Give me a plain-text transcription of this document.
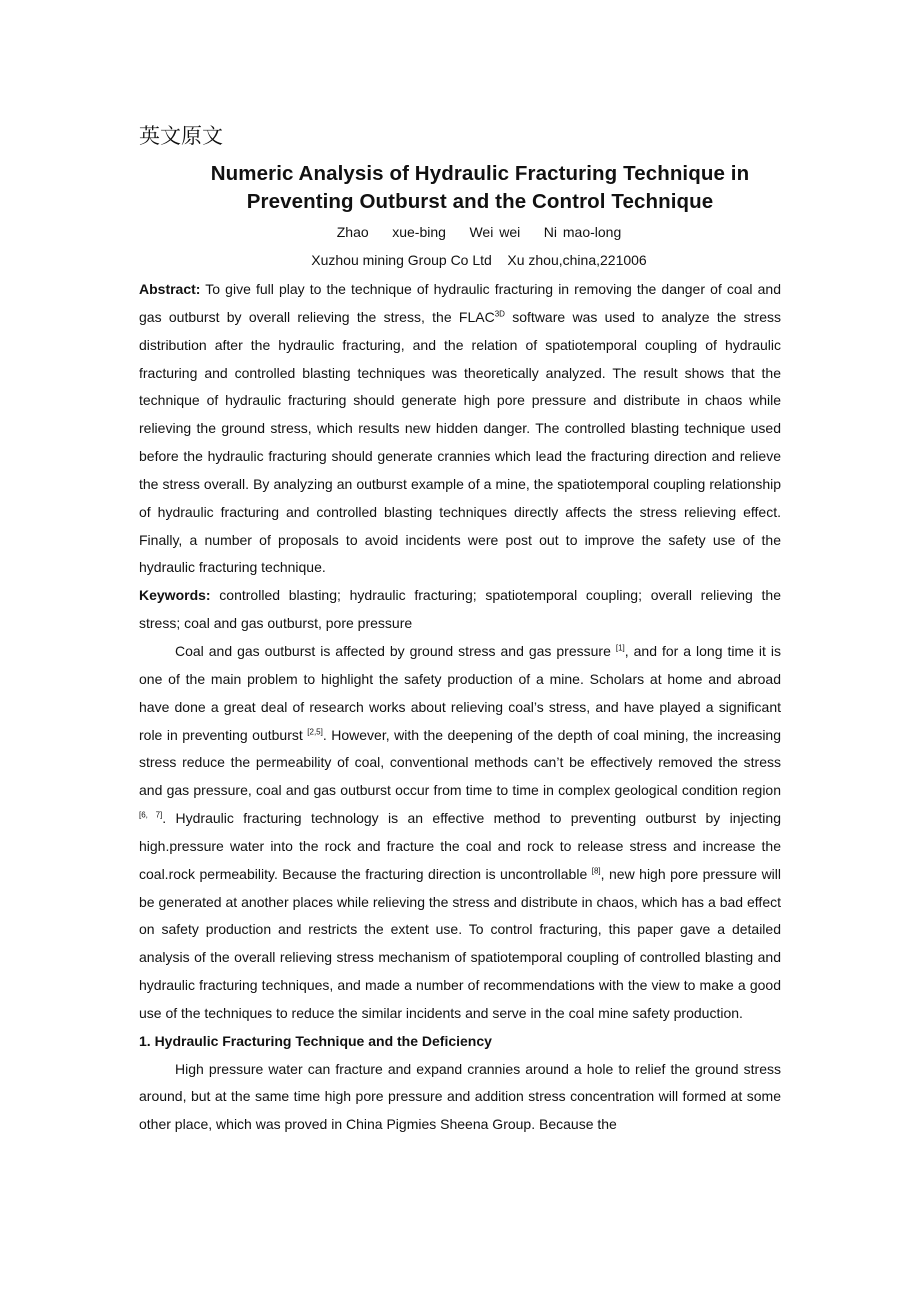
英文原文
Numeric Analysis of Hydraulic Fracturing Technique in
Preventing Outburst and the Control Technique

Zhao    xue-bing    Wei wei    Ni mao-long

Xuzhou mining Group Co Ltd    Xu zhou,china,221006

Abstract: To give full play to the technique of hydraulic fracturing in removing the danger of coal and gas outburst by overall relieving the stress, the $FLAC^{3D}$ software was used to analyze the stress distribution after the hydraulic fracturing, and the relation of spatiotemporal coupling of hydraulic fracturing and controlled blasting techniques was theoretically analyzed. The result shows that the technique of hydraulic fracturing should generate high pore pressure and distribute in chaos while relieving the ground stress, which results new hidden danger. The controlled blasting technique used before the hydraulic fracturing should generate crannies which lead the fracturing direction and relieve the stress overall. By analyzing an outburst example of a mine, the spatiotemporal coupling relationship of hydraulic fracturing and controlled blasting techniques directly affects the stress relieving effect. Finally, a number of proposals to avoid incidents were post out to improve the safety use of the hydraulic fracturing technique.

Keywords: controlled blasting; hydraulic fracturing; spatiotemporal coupling; overall relieving the stress; coal and gas outburst, pore pressure

Coal and gas outburst is affected by ground stress and gas pressure [1], and for a long time it is one of the main problem to highlight the safety production of a mine. Scholars at home and abroad have done a great deal of research works about relieving coal’s stress, and have played a significant role in preventing outburst [2,5]. However, with the deepening of the depth of coal mining, the increasing stress reduce the permeability of coal, conventional methods can’t be effectively removed the stress and gas pressure, coal and gas outburst occur from time to time in complex geological condition region [6, 7]. Hydraulic fracturing technology is an effective method to preventing outburst by injecting high.pressure water into the rock and fracture the coal and rock to release stress and increase the coal.rock permeability. Because the fracturing direction is uncontrollable [8], new high pore pressure will be generated at another places while relieving the stress and distribute in chaos, which has a bad effect on safety production and restricts the extent use. To control fracturing, this paper gave a detailed analysis of the overall relieving stress mechanism of spatiotemporal coupling of controlled blasting and hydraulic fracturing techniques, and made a number of recommendations with the view to make a good use of the techniques to reduce the similar incidents and serve in the coal mine safety production.

1. Hydraulic Fracturing Technique and the Deficiency

High pressure water can fracture and expand crannies around a hole to relief the ground stress around, but at the same time high pore pressure and addition stress concentration will formed at some other place, which was proved in China Pigmies Sheena Group. Because the
